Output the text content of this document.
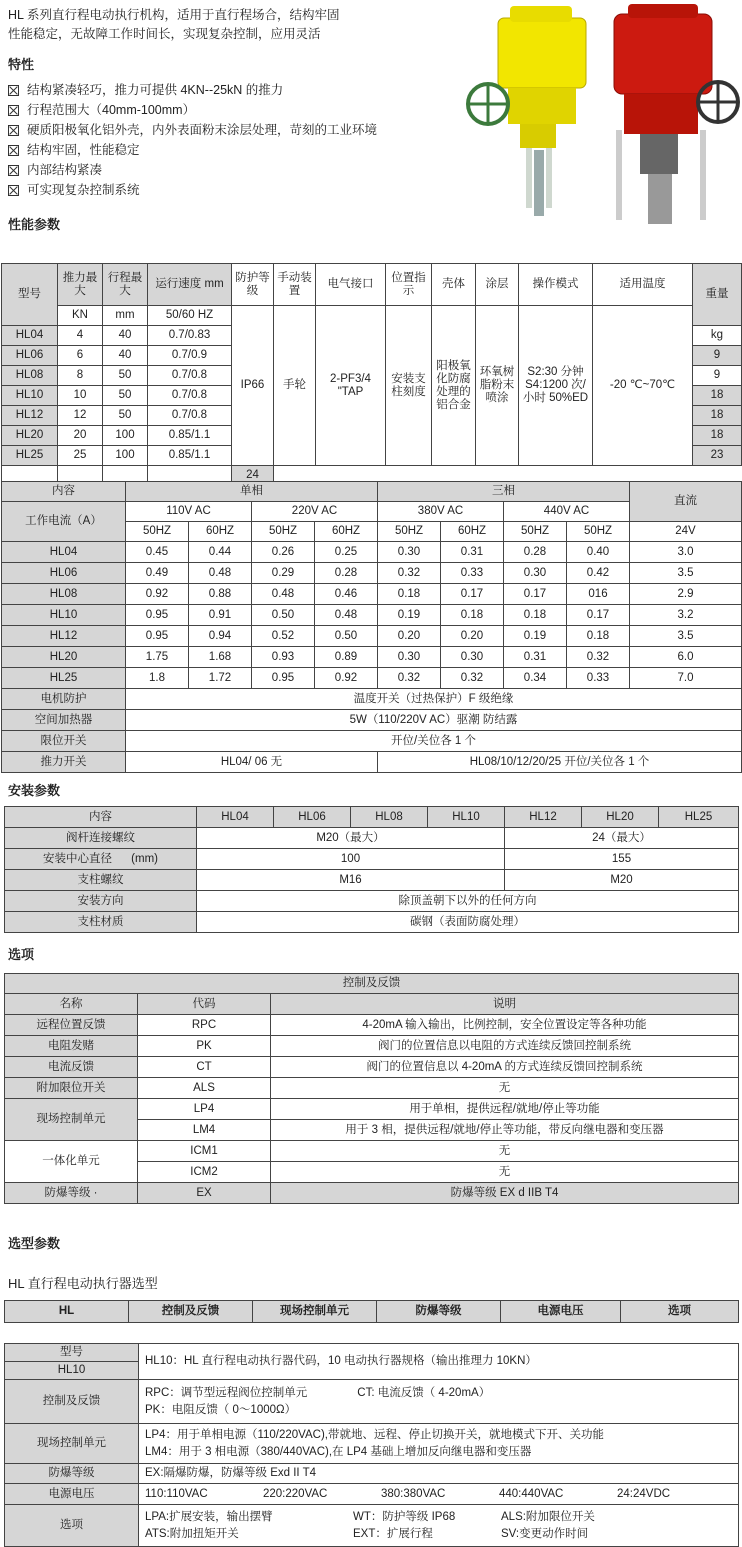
HL 系列直行程电动执行机构，适用于直行程场合，结构牢固
性能稳定，无故障工作时间长，实现复杂控制，应用灵活
特性
结构紧凑轻巧，推力可提供 4KN--25kN 的推力
行程范围大（40mm-100mm）
硬质阳极氧化铝外壳，内外表面粉末涂层处理，苛刻的工业环境
结构牢固，性能稳定
内部结构紧凑
可实现复杂控制系统
性能参数
型号	推力最大	行程最大	运行速度 mm	防护等级	手动装置	电气接口	位置指示	壳体	涂层	操作模式	适用温度	重量
	KN	mm	50/60 HZ	IP66	手轮	2-PF3/4 "TAP	安装支柱刻度	阳极氧化防腐处理的铝合金	环氧树脂粉末喷涂	S2:30 分钟 S4:1200 次/小时 50%ED	-20 ℃~70℃	
HL04	4	40	0.7/0.83									kg
HL06	6	40	0.7/0.9									9
HL08	8	50	0.7/0.8									9
HL10	10	50	0.7/0.8									18
HL12	12	50	0.7/0.8									18
HL20	20	100	0.85/1.1									18
HL25	25	100	0.85/1.1									23
				24								
内容	单相				三相				直流
工作电流（A）	110V AC		220V AC		380V AC		440V AC		
	50HZ	60HZ	50HZ	60HZ	50HZ	60HZ	50HZ	50HZ	24V
HL04	0.45	0.44	0.26	0.25	0.30	0.31	0.28	0.40	3.0
HL06	0.49	0.48	0.29	0.28	0.32	0.33	0.30	0.42	3.5
HL08	0.92	0.88	0.48	0.46	0.18	0.17	0.17	016	2.9
HL10	0.95	0.91	0.50	0.48	0.19	0.18	0.18	0.17	3.2
HL12	0.95	0.94	0.52	0.50	0.20	0.20	0.19	0.18	3.5
HL20	1.75	1.68	0.93	0.89	0.30	0.30	0.31	0.32	6.0
HL25	1.8	1.72	0.95	0.92	0.32	0.32	0.34	0.33	7.0
电机防护	温度开关（过热保护）F 级绝缘								
空间加热器	5W（110/220V AC）驱潮 防结露								
限位开关	开位/关位各 1 个								
推力开关	HL04/ 06 无				HL08/10/12/20/25 开位/关位各 1 个				
安装参数
内容	HL04	HL06	HL08	HL10	HL12	HL20	HL25
阀杆连接螺纹	M20（最大）				24（最大）		
安装中心直径      (mm)	100				155		
支柱螺纹	M16				M20		
安装方向	除顶盖朝下以外的任何方向						
支柱材质	碳钢（表面防腐处理）						
选项
控制及反馈		
名称	代码	说明
远程位置反馈	RPC	4-20mA 输入输出，比例控制，安全位置设定等各种功能
电阻发赌	PK	阀门的位置信息以电阻的方式连续反馈回控制系统
电流反馈	CT	阀门的位置信息以 4-20mA 的方式连续反馈回控制系统
附加限位开关	ALS	无
现场控制单元	LP4	用于单相，提供远程/就地/停止等功能
	LM4	用于 3 相，提供远程/就地/停止等功能，带反向继电器和变压器
一体化单元	ICM1	无
	ICM2	无
防爆等级 ·	EX	防爆等级 EX d IIB T4
选型参数
HL 直行程电动执行器选型
HL	控制及反馈	现场控制单元	防爆等级	电源电压	选项
型号	HL10：HL 直行程电动执行器代码，10 电动执行器规格（输出推理力 10KN）
HL10	
控制及反馈	RPC：调节型远程阀位控制单元 CT: 电流反馈（ 4-20mA）
PK：电阻反馈（ 0～1000Ω）

现场控制单元	LP4：用于单相电源（110/220VAC),带就地、远程、停止切换开关，就地模式下开、关功能
LM4：用于 3 相电源（380/440VAC),在 LP4 基础上增加反向继电器和变压器

防爆等级	EX:隔爆防爆，防爆等级 Exd II T4
电源电压	110:110VAC 220:220VAC 380:380VAC 440:440VAC 24:24VDC
选项	LPA:扩展安装，输出摆臂 WT：防护等级 IP68 ALS:附加限位开关
ATS:附加扭矩开关 EXT：扩展行程 SV:变更动作时间
